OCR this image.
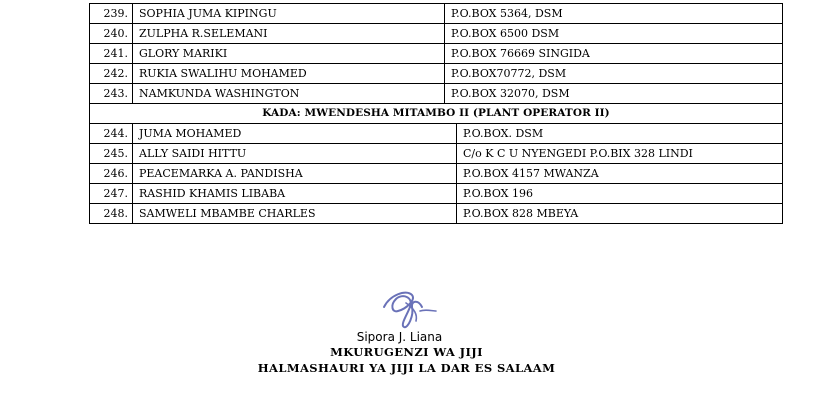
239.	SOPHIA JUMA KIPINGU	P.O.BOX 5364, DSM
240.	ZULPHA R.SELEMANI	P.O.BOX 6500 DSM
241.	GLORY MARIKI	P.O.BOX 76669 SINGIDA
242.	RUKIA SWALIHU MOHAMED	P.O.BOX70772, DSM
243.	NAMKUNDA WASHINGTON	P.O.BOX 32070, DSM
KADA: MWENDESHA MITAMBO II (PLANT OPERATOR II)
244.	JUMA MOHAMED	P.O.BOX. DSM
245.	ALLY SAIDI HITTU	C/o K C U NYENGEDI P.O.BIX 328 LINDI
246.	PEACEMARKA A. PANDISHA	P.O.BOX 4157 MWANZA
247.	RASHID KHAMIS LIBABA	P.O.BOX 196
248.	SAMWELI MBAMBE CHARLES	P.O.BOX 828 MBEYA
Sipora J. Liana
MKURUGENZI WA JIJI
HALMASHAURI YA JIJI LA DAR ES SALAAM
